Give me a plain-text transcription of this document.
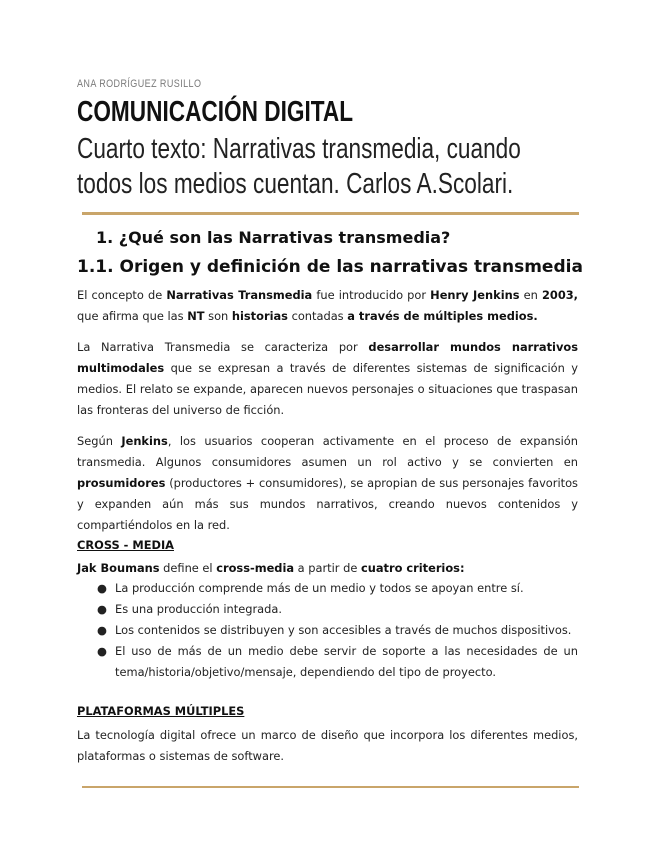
ANA RODRÍGUEZ RUSILLO
COMUNICACIÓN DIGITAL
Cuarto texto: Narrativas transmedia, cuando todos los medios cuentan. Carlos A.Scolari.
1. ¿Qué son las Narrativas transmedia?
1.1. Origen y definición de las narrativas transmedia

El concepto de Narrativas Transmedia fue introducido por Henry Jenkins en 2003, que afirma que las NT son historias contadas a través de múltiples medios.

La Narrativa Transmedia se caracteriza por desarrollar mundos narrativos multimodales que se expresan a través de diferentes sistemas de significación y medios. El relato se expande, aparecen nuevos personajes o situaciones que traspasan las fronteras del universo de ficción.

Según Jenkins, los usuarios cooperan activamente en el proceso de expansión transmedia. Algunos consumidores asumen un rol activo y se convierten en prosumidores (productores + consumidores), se apropian de sus personajes favoritos y expanden aún más sus mundos narrativos, creando nuevos contenidos y compartiéndolos en la red.

CROSS - MEDIA

Jak Boumans define el cross-media a partir de cuatro criterios:

● La producción comprende más de un medio y todos se apoyan entre sí.
● Es una producción integrada.
● Los contenidos se distribuyen y son accesibles a través de muchos dispositivos.
● El uso de más de un medio debe servir de soporte a las necesidades de un tema/historia/objetivo/mensaje, dependiendo del tipo de proyecto.

PLATAFORMAS MÚLTIPLES

La tecnología digital ofrece un marco de diseño que incorpora los diferentes medios, plataformas o sistemas de software.
